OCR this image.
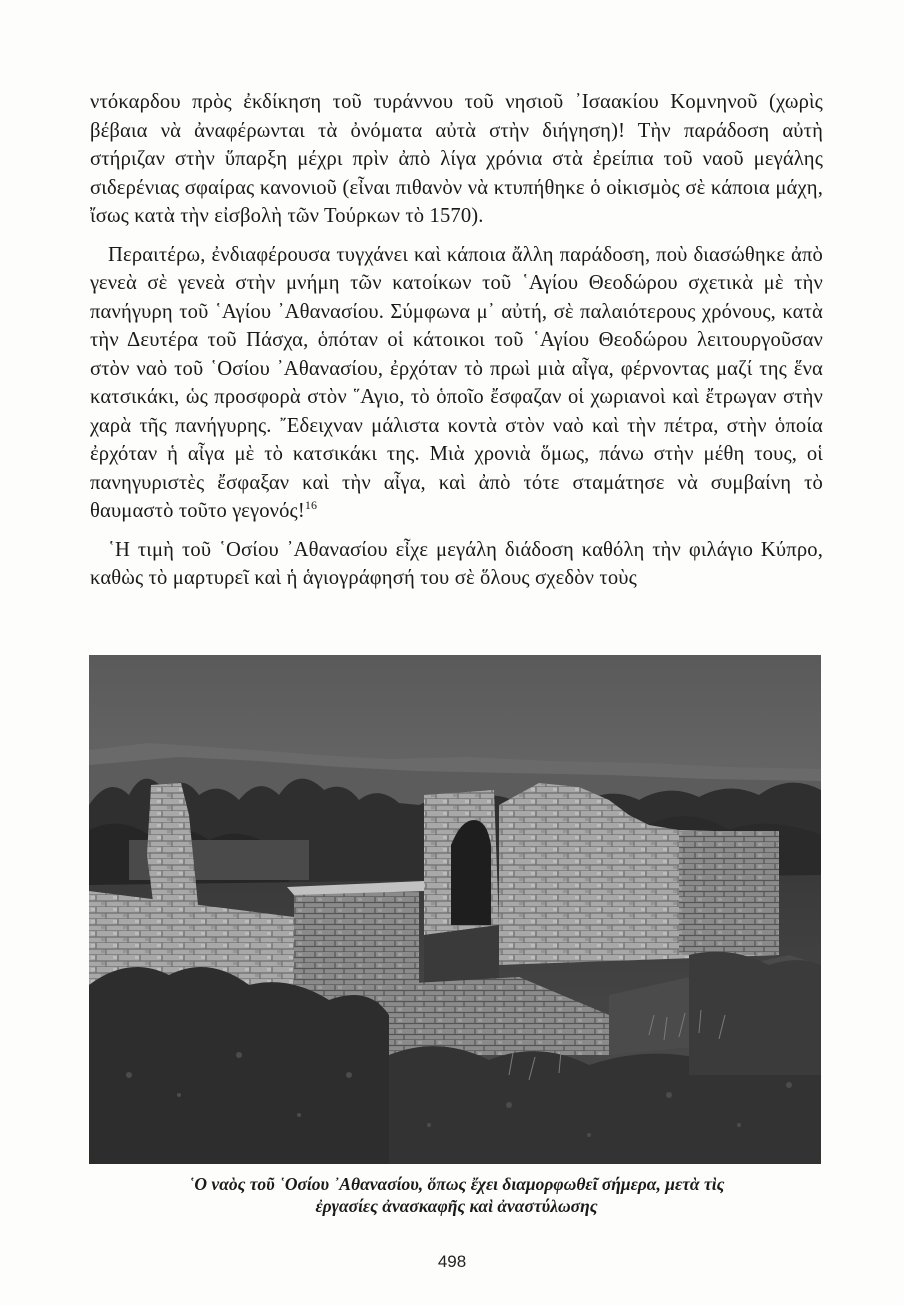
ντόκαρδου πρὸς ἐκδίκηση τοῦ τυράννου τοῦ νησιοῦ ᾿Ισαακίου Κομνηνοῦ (χωρὶς βέβαια νὰ ἀναφέρωνται τὰ ὀνόματα αὐτὰ στὴν διήγηση)! Τὴν παράδοση αὐτὴ στήριζαν στὴν ὕπαρξη μέχρι πρὶν ἀπὸ λίγα χρόνια στὰ ἐρείπια τοῦ ναοῦ μεγάλης σιδερένιας σφαίρας κανονιοῦ (εἶναι πιθανὸν νὰ κτυπήθηκε ὁ οἰκισμὸς σὲ κάποια μάχη, ἴσως κατὰ τὴν εἰσβολὴ τῶν Τούρκων τὸ 1570).

Περαιτέρω, ἐνδιαφέρουσα τυγχάνει καὶ κάποια ἄλλη παράδοση, ποὺ διασώθηκε ἀπὸ γενεὰ σὲ γενεὰ στὴν μνήμη τῶν κατοίκων τοῦ ῾Αγίου Θεοδώρου σχετικὰ μὲ τὴν πανήγυρη τοῦ ῾Αγίου ᾿Αθανασίου. Σύμφωνα μ᾿ αὐτή, σὲ παλαιότερους χρόνους, κατὰ τὴν Δευτέρα τοῦ Πάσχα, ὁπόταν οἱ κάτοικοι τοῦ ῾Αγίου Θεοδώρου λειτουργοῦσαν στὸν ναὸ τοῦ ῾Οσίου ᾿Αθανασίου, ἐρχόταν τὸ πρωὶ μιὰ αἶγα, φέρνοντας μαζί της ἕνα κατσικάκι, ὡς προσφορὰ στὸν ῞Αγιο, τὸ ὁποῖο ἔσφαζαν οἱ χωριανοὶ καὶ ἔτρωγαν στὴν χαρὰ τῆς πανήγυρης. ῎Εδειχναν μάλιστα κοντὰ στὸν ναὸ καὶ τὴν πέτρα, στὴν ὁποία ἐρχόταν ἡ αἶγα μὲ τὸ κατσικάκι της. Μιὰ χρονιὰ ὅμως, πάνω στὴν μέθη τους, οἱ πανηγυριστὲς ἔσφαξαν καὶ τὴν αἶγα, καὶ ἀπὸ τότε σταμάτησε νὰ συμβαίνη τὸ θαυμαστὸ τοῦτο γεγονός!$^{16}$

῾Η τιμὴ τοῦ ῾Οσίου ᾿Αθανασίου εἶχε μεγάλη διάδοση καθόλη τὴν φιλάγιο Κύπρο, καθὼς τὸ μαρτυρεῖ καὶ ἡ ἁγιογράφησή του σὲ ὅλους σχεδὸν τοὺς

῾Ο ναὸς τοῦ ῾Οσίου ᾿Αθανασίου, ὅπως ἔχει διαμορφωθεῖ σήμερα, μετὰ τὶς
ἐργασίες ἀνασκαφῆς καὶ ἀναστύλωσης
498
